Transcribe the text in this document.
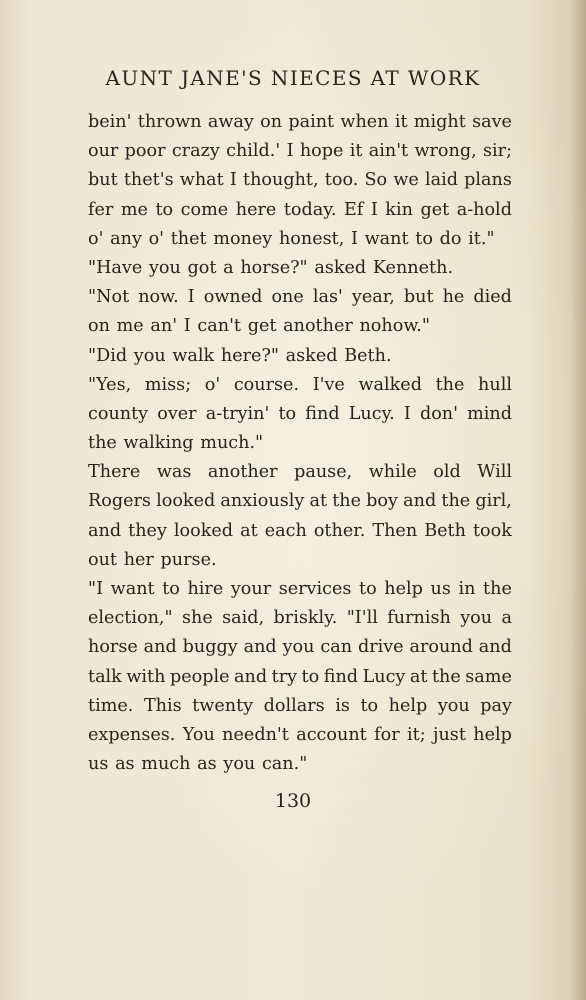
AUNT JANE'S NIECES AT WORK
bein' thrown away on paint when it might save
our poor crazy child.' I hope it ain't wrong, sir;
but thet's what I thought, too. So we laid plans
fer me to come here today. Ef I kin get a-hold
o' any o' thet money honest, I want to do it."
"Have you got a horse?" asked Kenneth.
"Not now. I owned one las' year, but he died
on me an' I can't get another nohow."
"Did you walk here?" asked Beth.
"Yes, miss; o' course. I've walked the hull
county over a-tryin' to find Lucy. I don' mind
the walking much."
There was another pause, while old Will
Rogers looked anxiously at the boy and the girl,
and they looked at each other. Then Beth took
out her purse.
"I want to hire your services to help us in the
election," she said, briskly. "I'll furnish you a
horse and buggy and you can drive around and
talk with people and try to find Lucy at the same
time. This twenty dollars is to help you pay
expenses. You needn't account for it; just help
us as much as you can."
130
